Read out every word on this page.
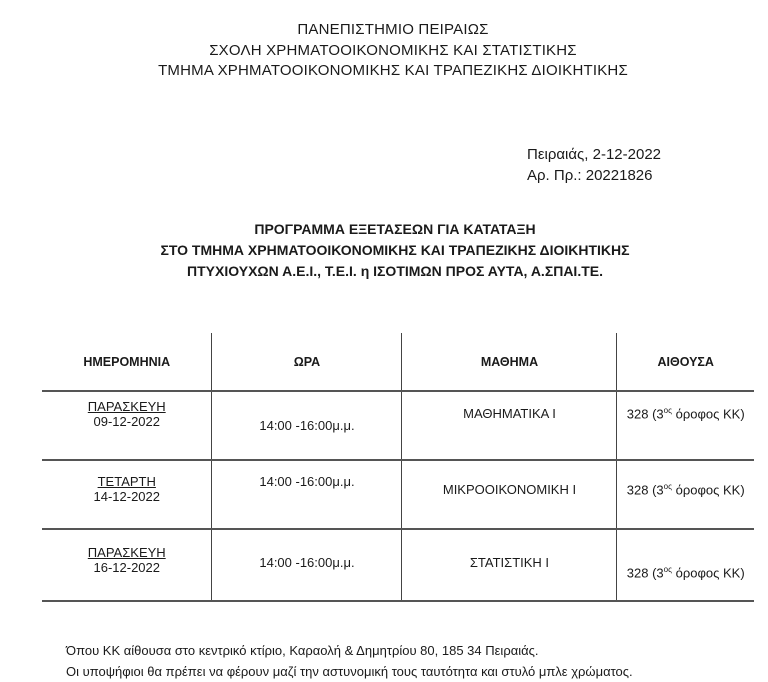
ΠΑΝΕΠΙΣΤΗΜΙΟ ΠΕΙΡΑΙΩΣ
ΣΧΟΛΗ ΧΡΗΜΑΤΟΟΙΚΟΝΟΜΙΚΗΣ ΚΑΙ ΣΤΑΤΙΣΤΙΚΗΣ
ΤΜΗΜΑ ΧΡΗΜΑΤΟΟΙΚΟΝΟΜΙΚΗΣ ΚΑΙ ΤΡΑΠΕΖΙΚΗΣ ΔΙΟΙΚΗΤΙΚΗΣ
Πειραιάς, 2-12-2022
Αρ. Πρ.: 20221826
ΠΡΟΓΡΑΜΜΑ ΕΞΕΤΑΣΕΩΝ ΓΙΑ ΚΑΤΑΤΑΞΗ
ΣΤΟ ΤΜΗΜΑ ΧΡΗΜΑΤΟΟΙΚΟΝΟΜΙΚΗΣ ΚΑΙ ΤΡΑΠΕΖΙΚΗΣ ΔΙΟΙΚΗΤΙΚΗΣ
ΠΤΥΧΙΟΥΧΩΝ Α.Ε.Ι., Τ.Ε.Ι. η ΙΣΟΤΙΜΩΝ ΠΡΟΣ ΑΥΤΑ, Α.ΣΠΑΙ.ΤΕ.
ΗΜΕΡΟΜΗΝΙΑ	ΩΡΑ	ΜΑΘΗΜΑ	ΑΙΘΟΥΣΑ

ΠΑΡΑΣΚΕΥΗ
09-12-2022	14:00 -16:00μ.μ.	ΜΑΘΗΜΑΤΙΚΑ Ι	328 ($3^{o\varsigma}$ όροφος ΚΚ)

ΤΕΤΑΡΤΗ
14-12-2022	14:00 -16:00μ.μ.	ΜΙΚΡΟΟΙΚΟΝΟΜΙΚΗ Ι	328 ($3^{o\varsigma}$ όροφος ΚΚ)

ΠΑΡΑΣΚΕΥΗ
16-12-2022	14:00 -16:00μ.μ.	ΣΤΑΤΙΣΤΙΚΗ Ι	328 ($3^{o\varsigma}$ όροφος ΚΚ)
Όπου ΚΚ αίθουσα στο κεντρικό κτίριο, Καραολή & Δημητρίου 80, 185 34 Πειραιάς.
Οι υποψήφιοι θα πρέπει να φέρουν μαζί την αστυνομική τους ταυτότητα και στυλό μπλε χρώματος.
